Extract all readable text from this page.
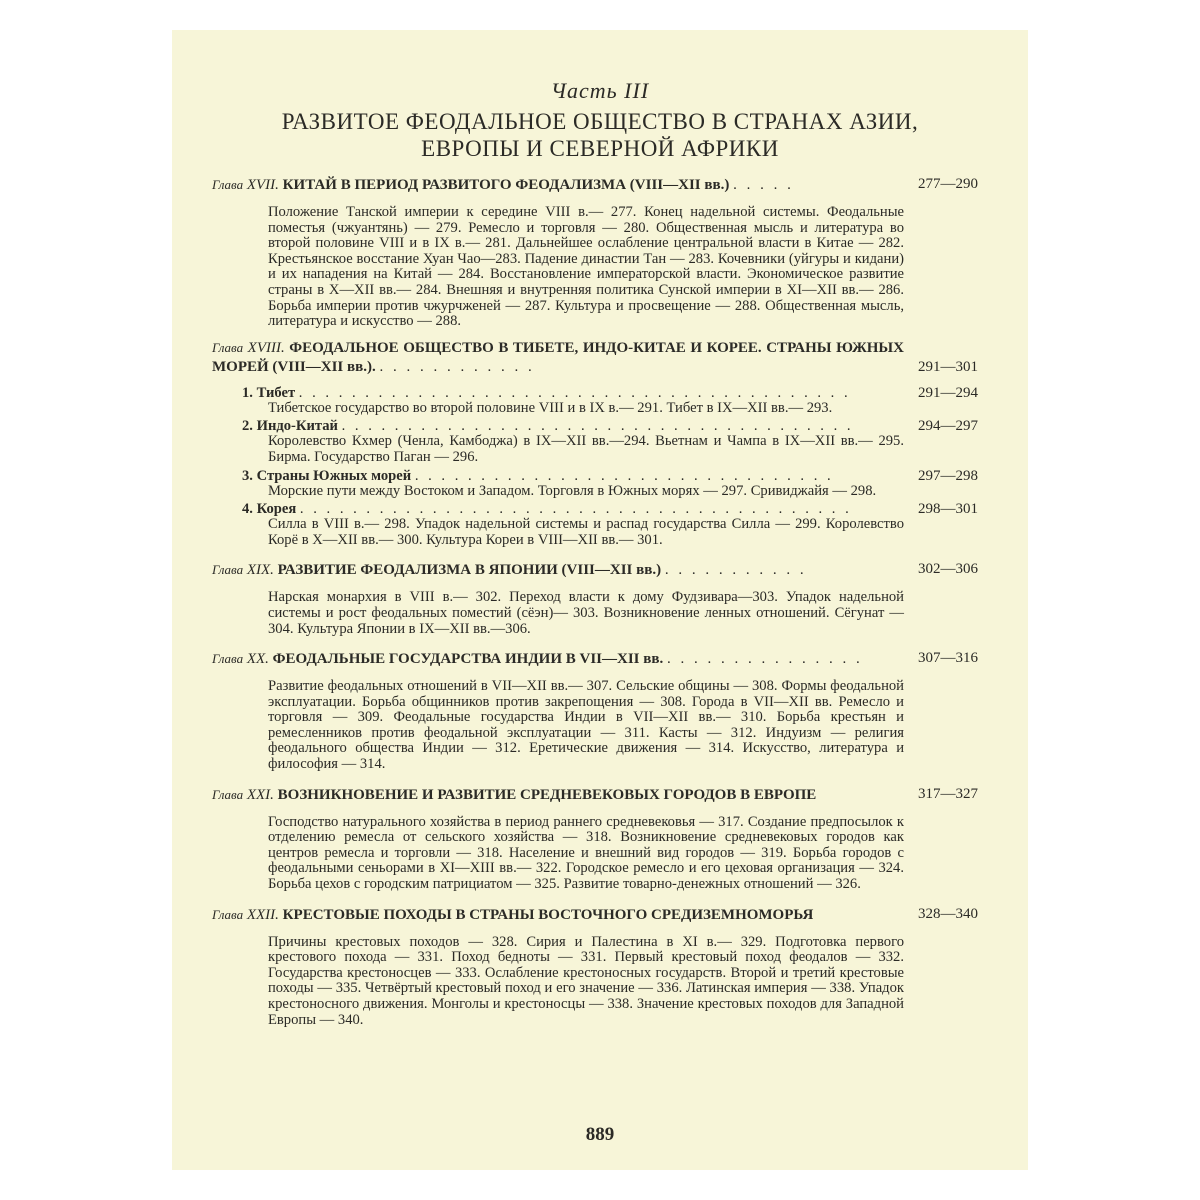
Часть III
РАЗВИТОЕ ФЕОДАЛЬНОЕ ОБЩЕСТВО В СТРАНАХ АЗИИ,
ЕВРОПЫ И СЕВЕРНОЙ АФРИКИ
Глава XVII. КИТАЙ В ПЕРИОД РАЗВИТОГО ФЕОДАЛИЗМА (VIII—XII вв.) . . . . .	277—290
Положение Танской империи к середине VIII в.— 277. Конец надельной системы. Феодальные поместья (чжуантянь) — 279. Ремесло и торговля — 280. Общественная мысль и литература во второй половине VIII и в IX в.— 281. Дальнейшее ослабление центральной власти в Китае — 282. Крестьянское восстание Хуан Чао—283. Падение династии Тан — 283. Кочевники (уйгуры и кидани) и их нападения на Китай — 284. Восстановление императорской власти. Экономическое развитие страны в X—XII вв.— 284. Внешняя и внутренняя политика Сунской империи в XI—XII вв.— 286. Борьба империи против чжурчженей — 287. Культура и просвещение — 288. Общественная мысль, литература и искусство — 288.
Глава XVIII. ФЕОДАЛЬНОЕ ОБЩЕСТВО В ТИБЕТЕ, ИНДО-КИТАЕ И КОРЕЕ. СТРАНЫ ЮЖНЫХ МОРЕЙ (VIII—XII вв.). . . . . . . . . . . . .	291—301
1. Тибет . . . . . . . . . . . . . . . . . . . . . . . . . . . . . . . . . . . . . . . . . .	291—294
Тибетское государство во второй половине VIII и в IX в.— 291. Тибет в IX—XII вв.— 293.
2. Индо-Китай . . . . . . . . . . . . . . . . . . . . . . . . . . . . . . . . . . . . . . .	294—297
Королевство Кхмер (Ченла, Камбоджа) в IX—XII вв.—294. Вьетнам и Чампа в IX—XII вв.— 295. Бирма. Государство Паган — 296.
3. Страны Южных морей . . . . . . . . . . . . . . . . . . . . . . . . . . . . . . . .	297—298
Морские пути между Востоком и Западом. Торговля в Южных морях — 297. Сривиджайя — 298.
4. Корея . . . . . . . . . . . . . . . . . . . . . . . . . . . . . . . . . . . . . . . . . .	298—301
Силла в VIII в.— 298. Упадок надельной системы и распад государства Силла — 299. Королевство Корё в X—XII вв.— 300. Культура Кореи в VIII—XII вв.— 301.
Глава XIX. РАЗВИТИЕ ФЕОДАЛИЗМА В ЯПОНИИ (VIII—XII вв.) . . . . . . . . . . .	302—306
Нарская монархия в VIII в.— 302. Переход власти к дому Фудзивара—303. Упадок надельной системы и рост феодальных поместий (сёэн)— 303. Возникновение ленных отношений. Сёгунат — 304. Культура Японии в IX—XII вв.—306.
Глава XX. ФЕОДАЛЬНЫЕ ГОСУДАРСТВА ИНДИИ В VII—XII вв. . . . . . . . . . . . . . . .	307—316
Развитие феодальных отношений в VII—XII вв.— 307. Сельские общины — 308. Формы феодальной эксплуатации. Борьба общинников против закрепощения — 308. Города в VII—XII вв. Ремесло и торговля — 309. Феодальные государства Индии в VII—XII вв.— 310. Борьба крестьян и ремесленников против феодальной эксплуатации — 311. Касты — 312. Индуизм — религия феодального общества Индии — 312. Еретические движения — 314. Искусство, литература и философия — 314.
Глава XXI. ВОЗНИКНОВЕНИЕ И РАЗВИТИЕ СРЕДНЕВЕКОВЫХ ГОРОДОВ В ЕВРОПЕ	317—327
Господство натурального хозяйства в период раннего средневековья — 317. Создание предпосылок к отделению ремесла от сельского хозяйства — 318. Возникновение средневековых городов как центров ремесла и торговли — 318. Население и внешний вид городов — 319. Борьба городов с феодальными сеньорами в XI—XIII вв.— 322. Городское ремесло и его цеховая организация — 324. Борьба цехов с городским патрициатом — 325. Развитие товарно-денежных отношений — 326.
Глава XXII. КРЕСТОВЫЕ ПОХОДЫ В СТРАНЫ ВОСТОЧНОГО СРЕДИЗЕМНОМОРЬЯ	328—340
Причины крестовых походов — 328. Сирия и Палестина в XI в.— 329. Подготовка первого крестового похода — 331. Поход бедноты — 331. Первый крестовый поход феодалов — 332. Государства крестоносцев — 333. Ослабление крестоносных государств. Второй и третий крестовые походы — 335. Четвёртый крестовый поход и его значение — 336. Латинская империя — 338. Упадок крестоносного движения. Монголы и крестоносцы — 338. Значение крестовых походов для Западной Европы — 340.
889
